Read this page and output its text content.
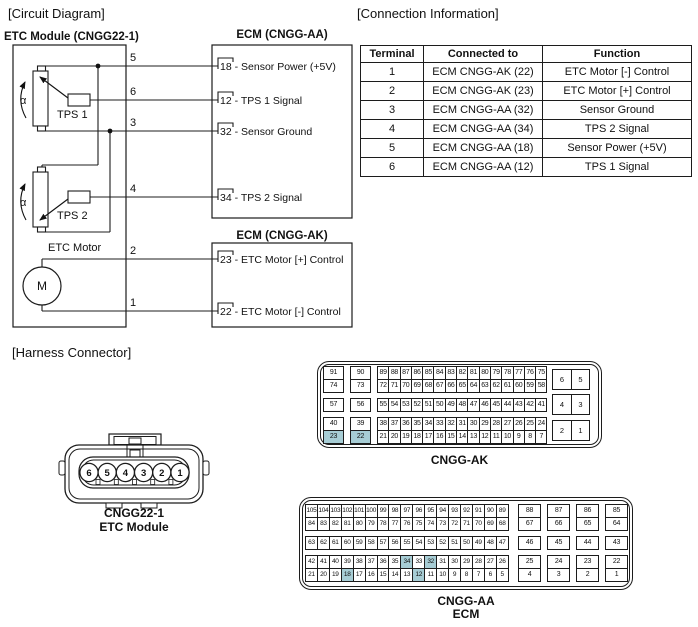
[Circuit Diagram]	[Connection Information]
[Harness Connector]
ETC Module (CNGG22-1)	ECM (CNGG-AA)
ECM (CNGG-AK)
TPS 1
TPS 2
ETC Motor
M
α
α
5
6
3
4
2
1
18 - Sensor Power (+5V)
12 - TPS 1 Signal
32 - Sensor Ground
34 - TPS 2 Signal
23 - ETC Motor [+] Control
22 - ETC Motor [-] Control
Terminal	Connected to	Function
1	ECM CNGG-AK (22)	ETC Motor [-] Control
2	ECM CNGG-AK (23)	ETC Motor [+] Control
3	ECM CNGG-AA (32)	Sensor Ground
4	ECM CNGG-AA (34)	TPS 2 Signal
5	ECM CNGG-AA (18)	Sensor Power (+5V)
6	ECM CNGG-AA (12)	TPS 1 Signal
6 5 4 3 2 1
CNGG22-1
ETC Module
91
74
90
73
89 88 87 86 85 84 83 82 81 80 79 78 77 76 75
72 71 70 69 68 67 66 65 64 63 62 61 60 59 58
6	5
57	56	55 54 53 52 51 50 49 48 47 46 45 44 43 42 41	4	3
40
23
39
22
38 37 36 35 34 33 32 31 30 29 28 27 26 25 24
21 20 19 18 17 16 15 14 13 12 11 10 9	8	7
2	1
CNGG-AK
105 104 103 102 101 100 99 98 97 96 95 94 93 92 91 90 89
84 83 82 81 80 79 78 77 76 75 74 73 72 71 70 69 68
88
67
87
66
86
65
85
64
63 62 61 60 59 58 57 56 55 54 53 52 51 50 49 48 47	46	45	44	43
42 41 40 39 38 37 36 35 34 33 32 31 30 29 28 27 26
21 20 19 18 17 16 15 14 13 12 11 10	9	8	7	6	5
25
4
24
3
23
2
22
1
CNGG-AA
ECM
